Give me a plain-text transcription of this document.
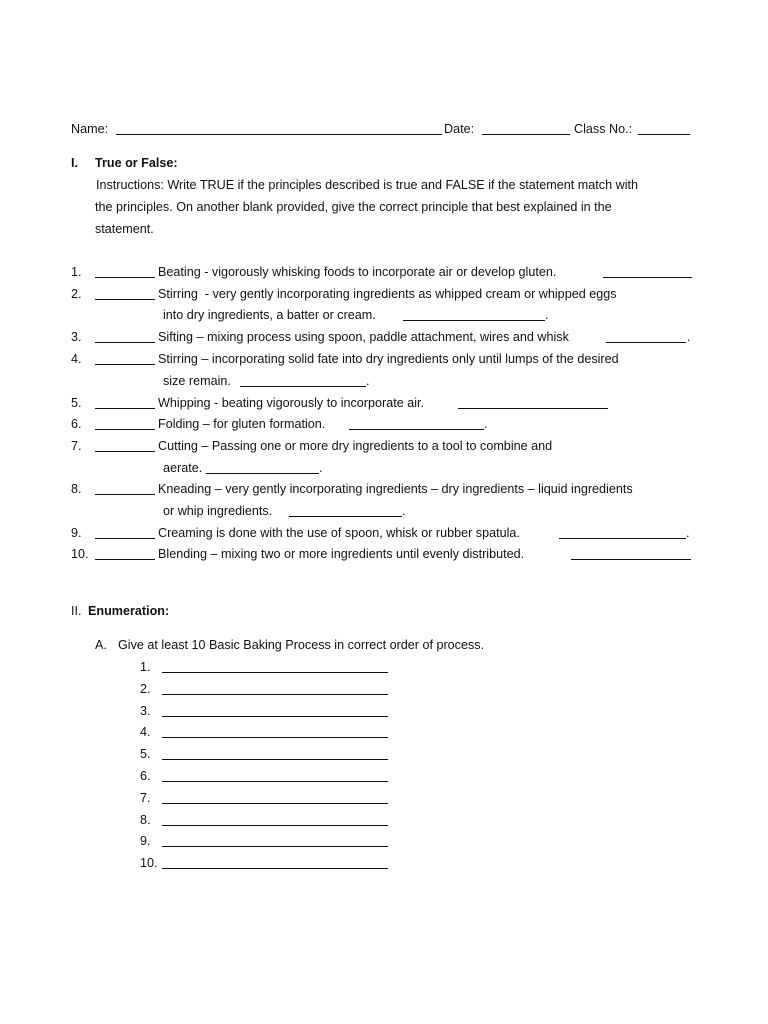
Name:	Date:	Class No.:
I. True or False:
Instructions: Write TRUE if the principles described is true and FALSE if the statement match with
the principles. On another blank provided, give the correct principle that best explained in the
statement.
1.	Beating - vigorously whisking foods to incorporate air or develop gluten.
2.	Stirring  - very gently incorporating ingredients as whipped cream or whipped eggs
into dry ingredients, a batter or cream.	.
3.	Sifting – mixing process using spoon, paddle attachment, wires and whisk	.
4.	Stirring – incorporating solid fate into dry ingredients only until lumps of the desired
size remain.	.
5.	Whipping - beating vigorously to incorporate air.
6.	Folding – for gluten formation.	.
7.	Cutting – Passing one or more dry ingredients to a tool to combine and
aerate.	.
8.	Kneading – very gently incorporating ingredients – dry ingredients – liquid ingredients
or whip ingredients.	.
9.	Creaming is done with the use of spoon, whisk or rubber spatula.	.
10.	Blending – mixing two or more ingredients until evenly distributed.
II. Enumeration:
A. Give at least 10 Basic Baking Process in correct order of process.
1.
2.
3.
4.
5.
6.
7.
8.
9.
10.
